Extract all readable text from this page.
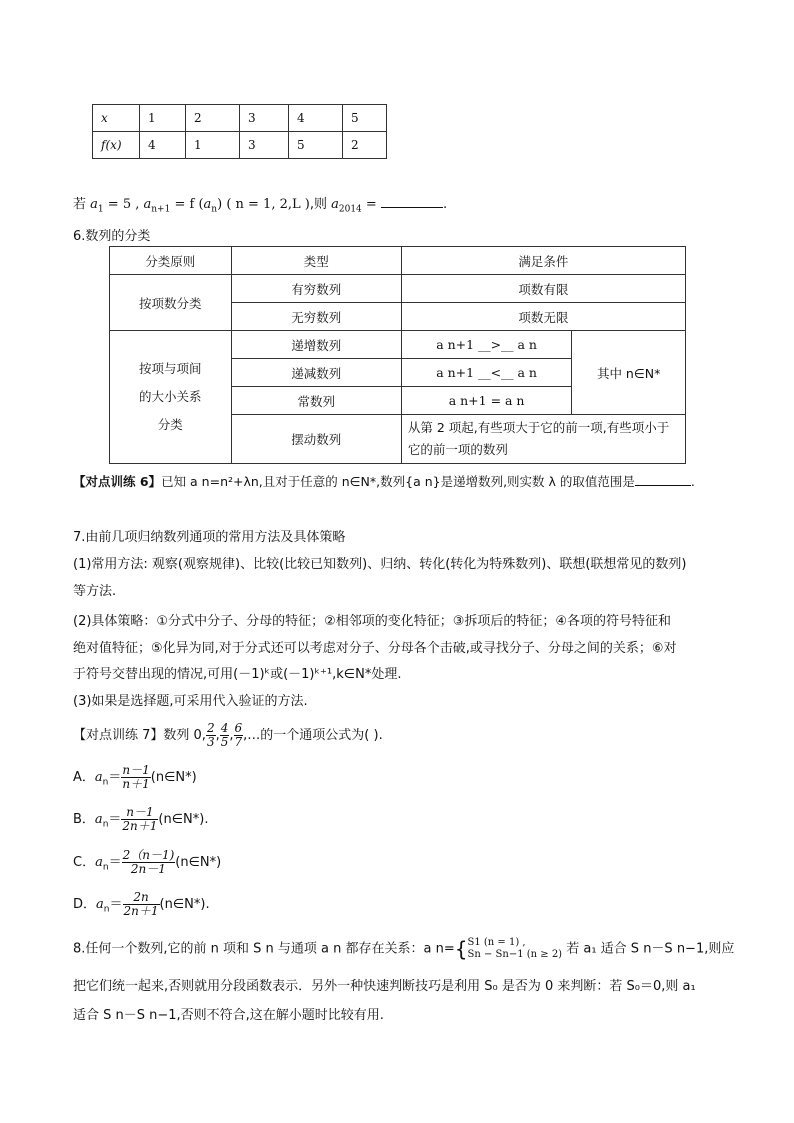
x	1	2	3	4	5
f(x)	4	1	3	5	2
若 $a_1 = 5$ , $a_{n+1} = f$ $(a_n)$ ( n = 1, 2,L ),则 $a_{2014}$ =	.
6.数列的分类
分类原则	类型	满足条件	
按项数分类	有穷数列	项数有限	
	无穷数列	项数无限	

按项与项间
的大小关系
分类	递增数列	a n+1 __>__ a n	其中 n∈N*
	递减数列	a n+1 __<__ a n	
	常数列	a n+1 = a n	
	摆动数列	从第 2 项起,有些项大于它的前一项,有些项小于它的前一项的数列	
【对点训练 6】已知 a n=n²+λn,且对于任意的 n∈N*,数列{a n}是递增数列,则实数 λ 的取值范围是	.
7.由前几项归纳数列通项的常用方法及具体策略
(1)常用方法: 观察(观察规律)、比较(比较已知数列)、归纳、转化(转化为特殊数列)、联想(联想常见的数列)
等方法.
(2)具体策略：①分式中分子、分母的特征；②相邻项的变化特征；③拆项后的特征；④各项的符号特征和
绝对值特征；⑤化异为同,对于分式还可以考虑对分子、分母各个击破,或寻找分子、分母之间的关系；⑥对
于符号交替出现的情况,可用(－1)ᵏ或(－1)ᵏ⁺¹,k∈N*处理.
(3)如果是选择题,可采用代入验证的方法.
【对点训练 7】数列 0, $\frac{2}{3}$ , $\frac{4}{5}$ , $\frac{6}{7}$ ,…的一个通项公式为( ).
A．$a_n= \frac{n-1}{n+1}$ (n∈N*)
B．$a_n= \frac{n-1}{2n+1}$ (n∈N*).
C．$a_n= \frac{2(n-1)}{2n-1}$ (n∈N*)
D．$a_n= \frac{2n}{2n+1}$ (n∈N*).
8.任何一个数列,它的前 n 项和 S n 与通项 a n 都存在关系：a n={ S1 (n = 1) ,
Sn − Sn−1 (n ≥ 2) 若 a₁ 适合 S n－S n−1,则应
把它们统一起来,否则就用分段函数表示．另外一种快速判断技巧是利用 S₀ 是否为 0 来判断：若 S₀＝0,则 a₁
适合 S n－S n−1,否则不符合,这在解小题时比较有用.
